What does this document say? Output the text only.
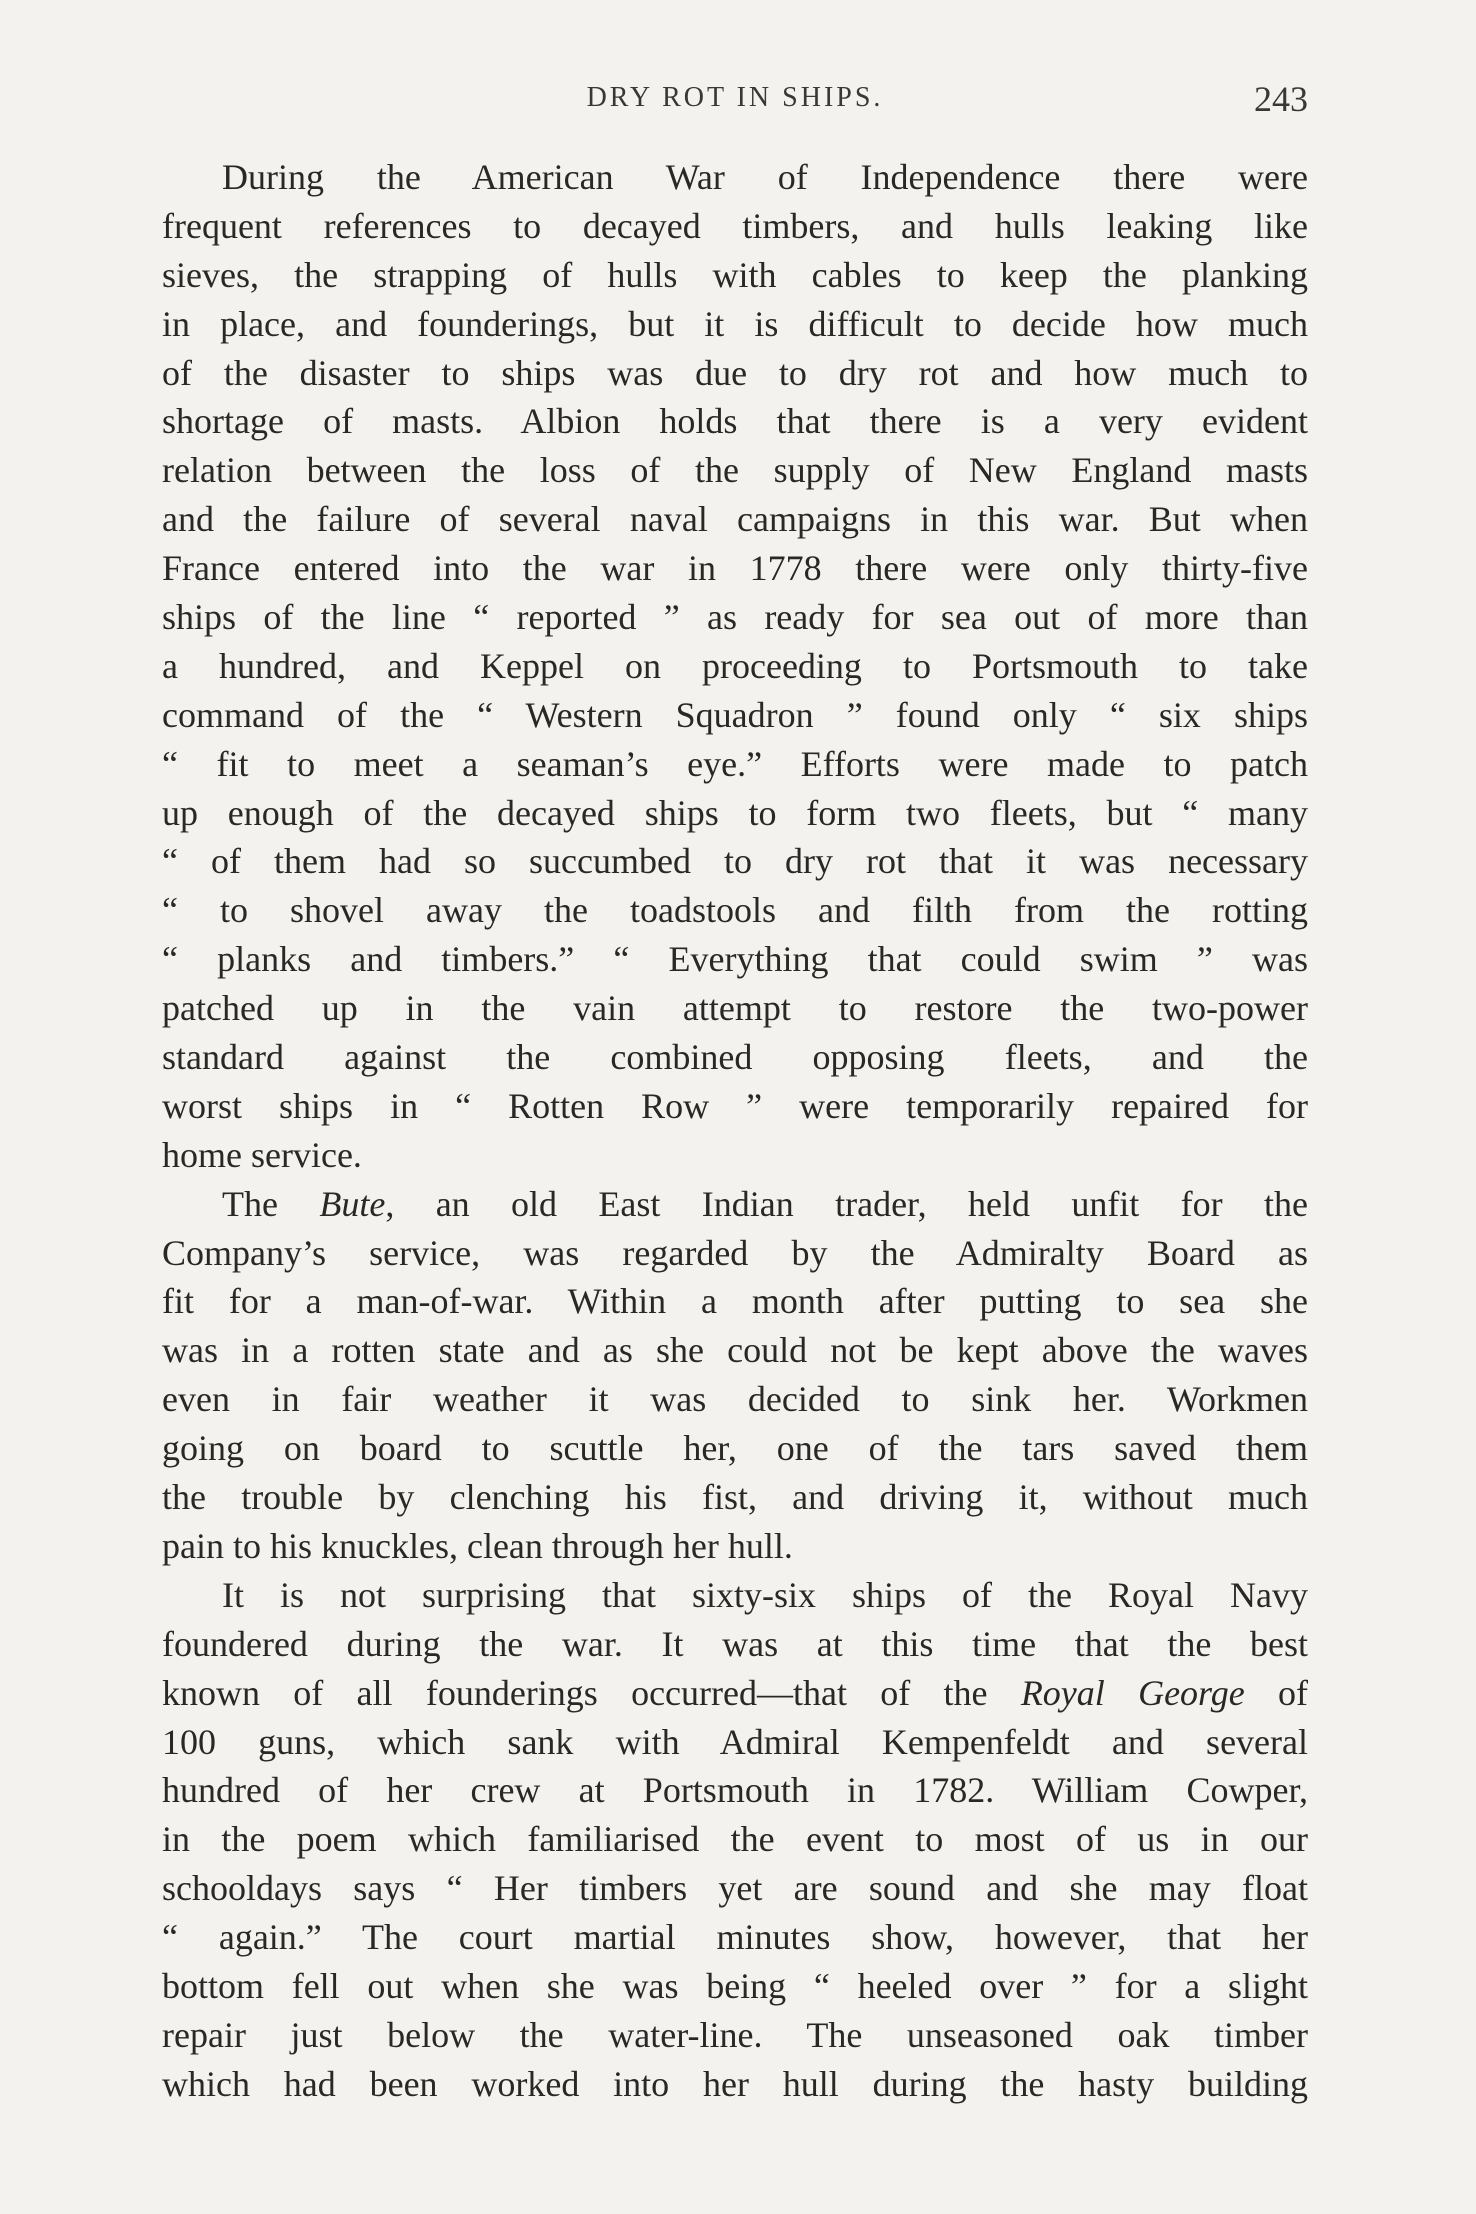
DRY ROT IN SHIPS.	243
During the American War of Independence there were
frequent references to decayed timbers, and hulls leaking like
sieves, the strapping of hulls with cables to keep the planking
in place, and founderings, but it is difficult to decide how much
of the disaster to ships was due to dry rot and how much to
shortage of masts. Albion holds that there is a very evident
relation between the loss of the supply of New England masts
and the failure of several naval campaigns in this war. But when
France entered into the war in 1778 there were only thirty-five
ships of the line “ reported ” as ready for sea out of more than
a hundred, and Keppel on proceeding to Portsmouth to take
command of the “ Western Squadron ” found only “ six ships
“ fit to meet a seaman’s eye.” Efforts were made to patch
up enough of the decayed ships to form two fleets, but “ many
“ of them had so succumbed to dry rot that it was necessary
“ to shovel away the toadstools and filth from the rotting
“ planks and timbers.” “ Everything that could swim ” was
patched up in the vain attempt to restore the two-power
standard against the combined opposing fleets, and the
worst ships in “ Rotten Row ” were temporarily repaired for
home service.
The Bute, an old East Indian trader, held unfit for the
Company’s service, was regarded by the Admiralty Board as
fit for a man-of-war. Within a month after putting to sea she
was in a rotten state and as she could not be kept above the waves
even in fair weather it was decided to sink her. Workmen
going on board to scuttle her, one of the tars saved them
the trouble by clenching his fist, and driving it, without much
pain to his knuckles, clean through her hull.
It is not surprising that sixty-six ships of the Royal Navy
foundered during the war. It was at this time that the best
known of all founderings occurred—that of the Royal George of
100 guns, which sank with Admiral Kempenfeldt and several
hundred of her crew at Portsmouth in 1782. William Cowper,
in the poem which familiarised the event to most of us in our
schooldays says “ Her timbers yet are sound and she may float
“ again.” The court martial minutes show, however, that her
bottom fell out when she was being “ heeled over ” for a slight
repair just below the water-line. The unseasoned oak timber
which had been worked into her hull during the hasty building
